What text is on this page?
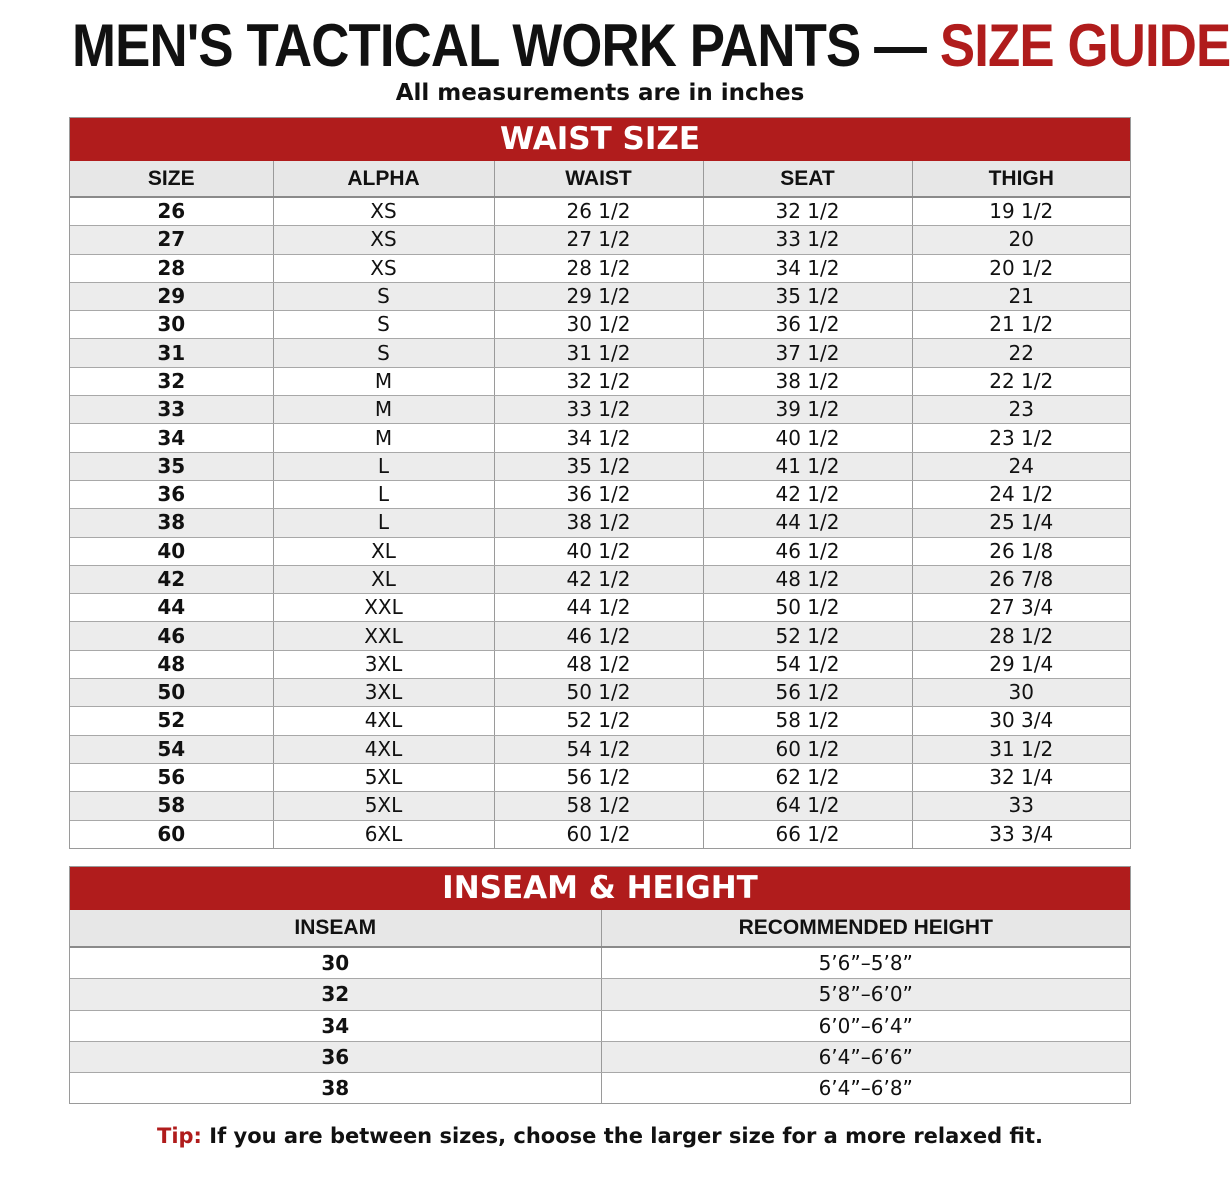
MEN'S TACTICAL WORK PANTS — SIZE GUIDE
All measurements are in inches
WAIST SIZE
SIZE	ALPHA	WAIST	SEAT	THIGH
26	XS	26 1/2	32 1/2	19 1/2
27	XS	27 1/2	33 1/2	20
28	XS	28 1/2	34 1/2	20 1/2
29	S	29 1/2	35 1/2	21
30	S	30 1/2	36 1/2	21 1/2
31	S	31 1/2	37 1/2	22
32	M	32 1/2	38 1/2	22 1/2
33	M	33 1/2	39 1/2	23
34	M	34 1/2	40 1/2	23 1/2
35	L	35 1/2	41 1/2	24
36	L	36 1/2	42 1/2	24 1/2
38	L	38 1/2	44 1/2	25 1/4
40	XL	40 1/2	46 1/2	26 1/8
42	XL	42 1/2	48 1/2	26 7/8
44	XXL	44 1/2	50 1/2	27 3/4
46	XXL	46 1/2	52 1/2	28 1/2
48	3XL	48 1/2	54 1/2	29 1/4
50	3XL	50 1/2	56 1/2	30
52	4XL	52 1/2	58 1/2	30 3/4
54	4XL	54 1/2	60 1/2	31 1/2
56	5XL	56 1/2	62 1/2	32 1/4
58	5XL	58 1/2	64 1/2	33
60	6XL	60 1/2	66 1/2	33 3/4
INSEAM & HEIGHT
INSEAM	RECOMMENDED HEIGHT
30	5’6”–5’8”
32	5’8”–6’0”
34	6’0”–6’4”
36	6’4”–6’6”
38	6’4”–6’8”
Tip: If you are between sizes, choose the larger size for a more relaxed fit.
